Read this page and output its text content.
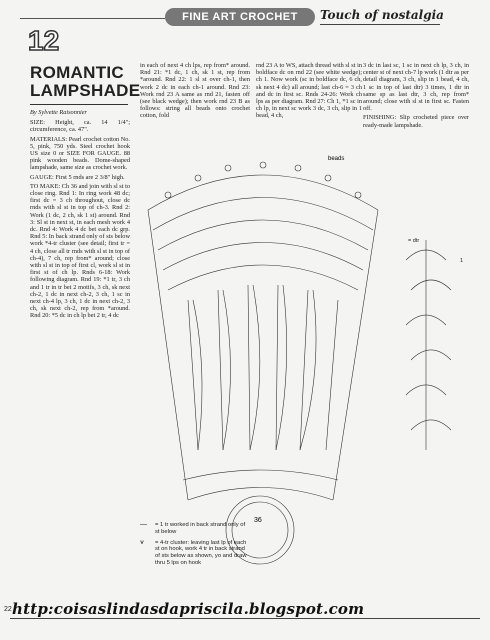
FINE ART CROCHET Touch of nostalgia
12
ROMANTIC
LAMPSHADE

By Sylvette Raisonnier

SIZE: Height, ca. 14 1/4"; circumference, ca. 47".

MATERIALS: Pearl crochet cotton No. 5, pink, 750 yds. Steel crochet hook US size 0 or SIZE FOR GAUGE. 88 pink wooden beads. Dome-shaped lampshade, same size as crochet work.

GAUGE: First 5 rnds are 2 3/8" high.

TO MAKE: Ch 36 and join with sl st to close ring. Rnd 1: In ring work 48 dc; first dc = 3 ch throughout, close dc rnds with sl st in top of ch-3. Rnd 2: Work (1 dc, 2 ch, sk 1 st) around. Rnd 3: Sl st in next st, in each mesh work 4 dc. Rnd 4: Work 4 dc bet each dc grp. Rnd 5: In back strand only of sts below work *4-tr cluster (see detail; first tr = 4 ch, close all tr rnds with sl st in top of ch-4), 7 ch, rep from* around; close with sl st in top of first cl, work sl st in first st of ch lp. Rnds 6-18: Work following diagram. Rnd 19: *1 tr, 3 ch and 1 tr in tr bet 2 motifs, 3 ch, sk next ch-2, 1 dc in next ch-2, 3 ch, 1 sc in next ch-4 lp, 3 ch, 1 dc in next ch-2, 3 ch, sk next ch-2, rep from *around. Rnd 20: *5 dc in ch lp bet 2 tr, 4 dc

in each of next 4 ch lps, rep from* around. Rnd 21: *1 dc, 1 ch, sk 1 st, rep from *around. Rnd 22: 1 sl st over ch-1, then work 2 dc in each ch-1 around. Rnd 23: Work rnd 23 A same as rnd 21, fasten off (see black wedge); then work rnd 23 B as follows: string all beads onto crochet cotton, fold

rnd 23 A to WS, attach thread with sl st in boldface dc on rnd 22 (see white wedge); ch 1. Now work (sc in boldface dc, 6 ch, sk next 4 dc) all around; last ch-6 = 3 ch and dc in first sc. Rnds 24-26: Work ch lps as per diagram. Rnd 27: Ch 1, *1 sc in ch lp, in next sc work 3 dc, 3 ch, slip in 1 bead, 4 ch,

3 dc in last sc, 1 sc in next ch lp, 3 ch, in center st of next ch-7 lp work (1 dtr as per detail diagram, 3 ch, slip in 1 bead, 4 ch, 1 sc in top of last dtr) 3 times, 1 dtr in same sp as last dtr, 3 ch, rep from* around; close with sl st in first sc. Fasten off.

FINISHING: Slip crocheted piece over ready-made lampshade.

beads
36
= dtr
1
—	= 1 tr worked in back strand only of st below
⩛	= 4-tr cluster: leaving last lp of each st on hook, work 4 tr in back strand of sts below as shown, yo and draw thru 5 lps on hook
22 http:coisaslindasdapriscila.blogspot.com
